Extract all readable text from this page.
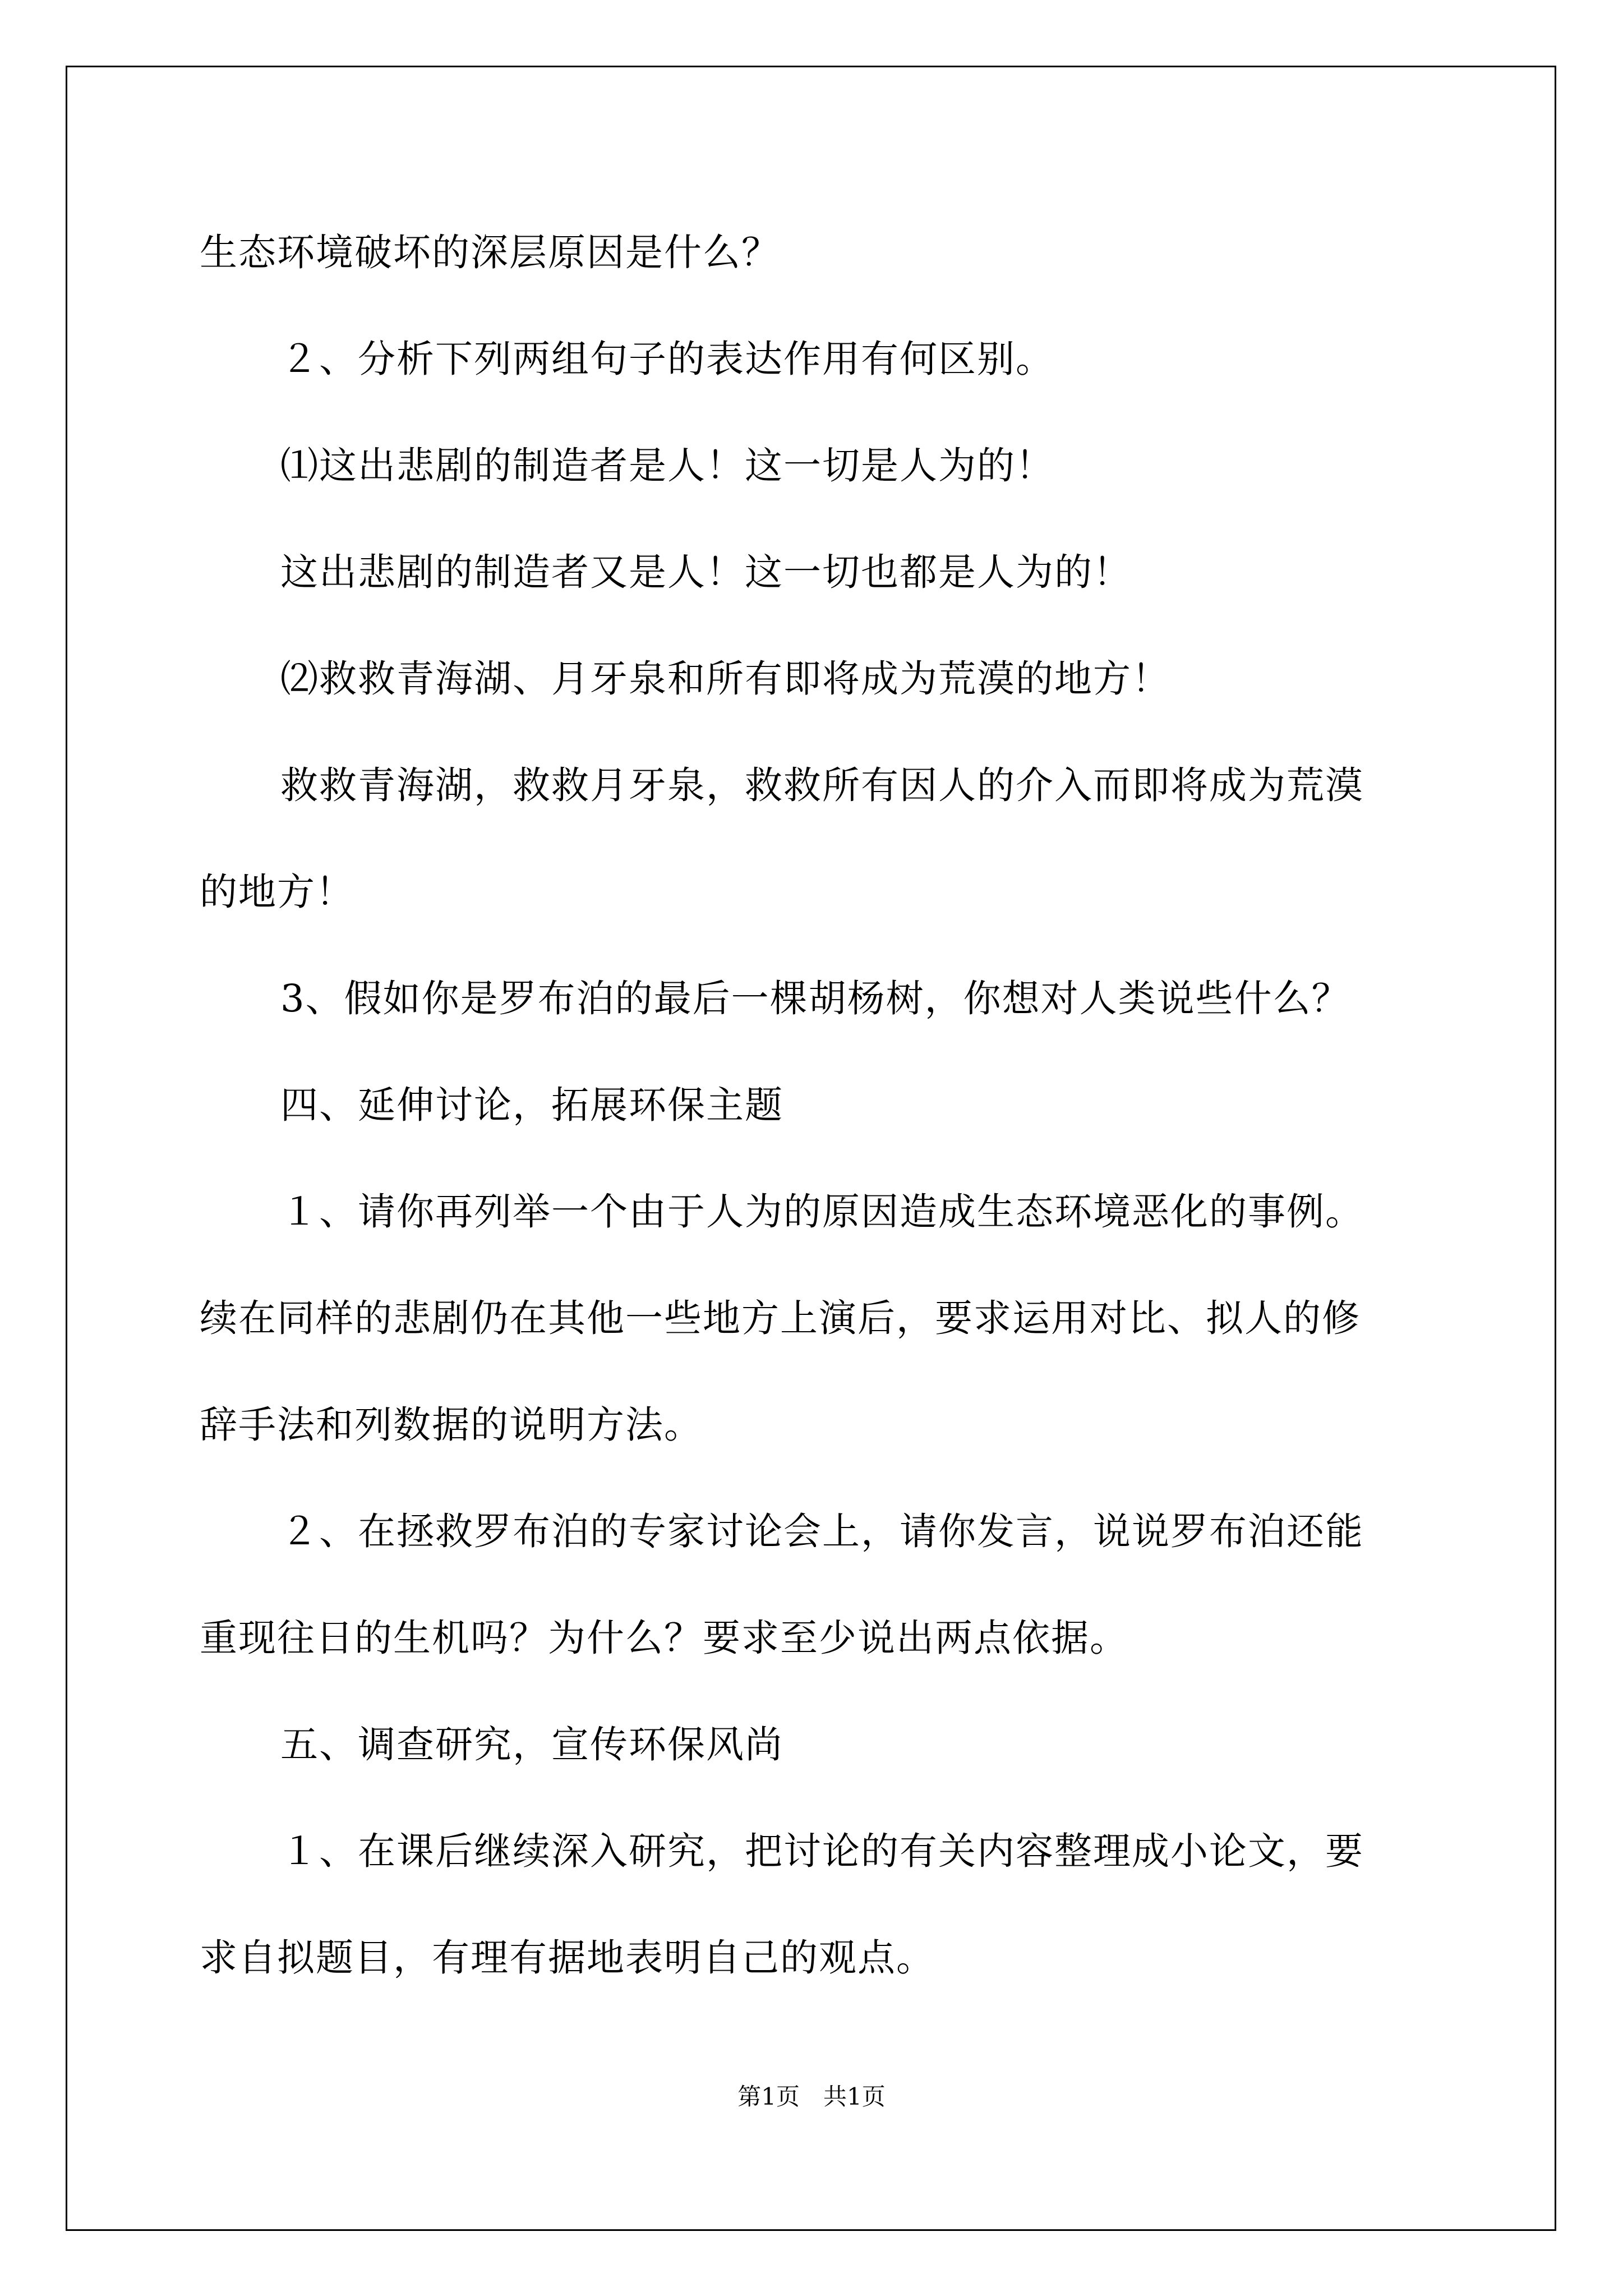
生态环境破坏的深层原因是什么？
２、分析下列两组句子的表达作用有何区别。
⑴这出悲剧的制造者是人！这一切是人为的！
这出悲剧的制造者又是人！这一切也都是人为的！
⑵救救青海湖、月牙泉和所有即将成为荒漠的地方！
救救青海湖，救救月牙泉，救救所有因人的介入而即将成为荒漠
的地方！
3、假如你是罗布泊的最后一棵胡杨树，你想对人类说些什么？
四、延伸讨论，拓展环保主题
１、请你再列举一个由于人为的原因造成生态环境恶化的事例。
续在同样的悲剧仍在其他一些地方上演后，要求运用对比、拟人的修
辞手法和列数据的说明方法。
２、在拯救罗布泊的专家讨论会上，请你发言，说说罗布泊还能
重现往日的生机吗？为什么？要求至少说出两点依据。
五、调查研究，宣传环保风尚
１、在课后继续深入研究，把讨论的有关内容整理成小论文，要
求自拟题目，有理有据地表明自己的观点。
第1页　共1页
